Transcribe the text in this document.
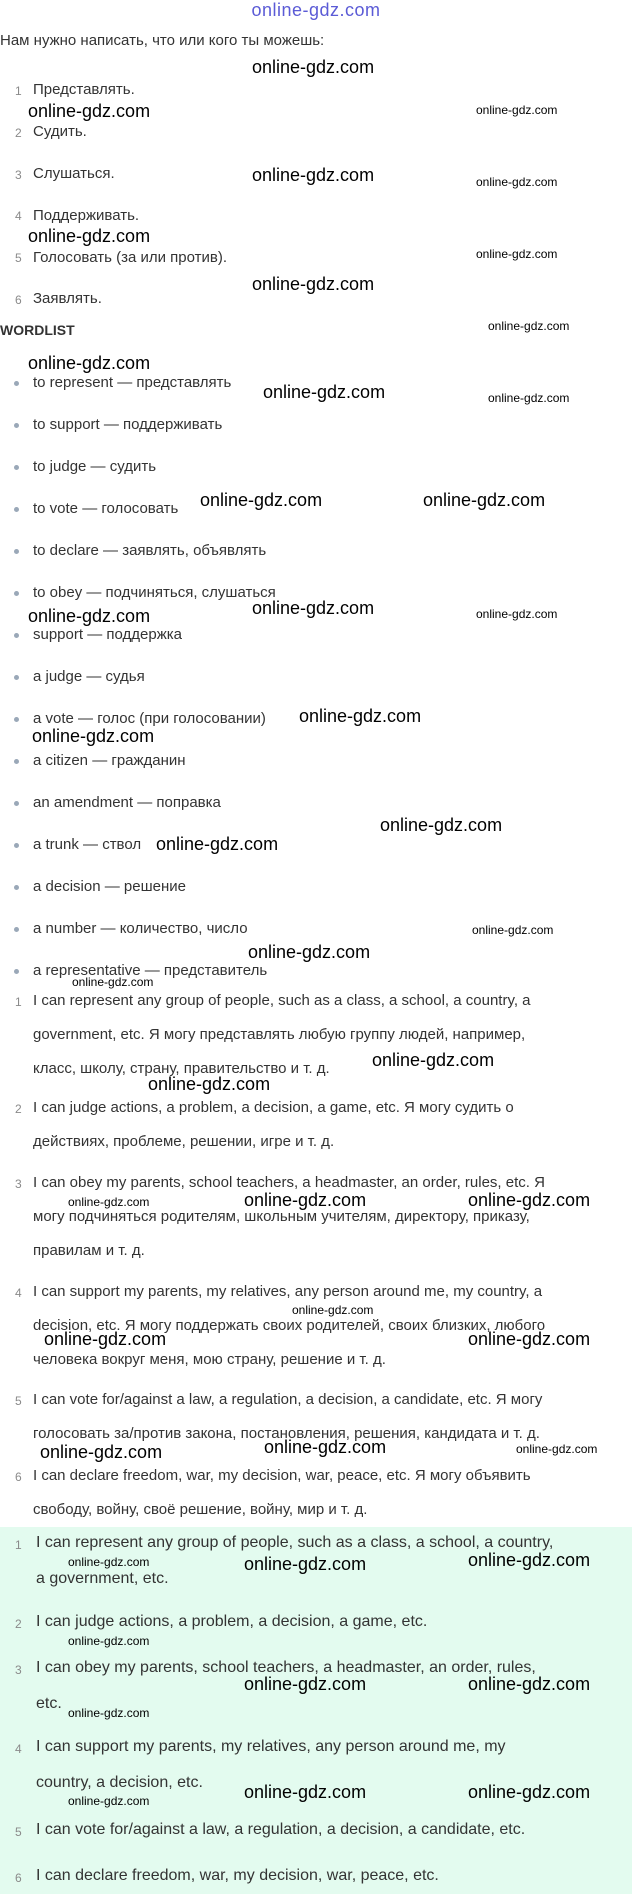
online-gdz.com
Нам нужно написать, что или кого ты можешь:
1 Представлять.
2 Судить.
3 Слушаться.
4 Поддерживать.
5 Голосовать (за или против).
6 Заявлять.
WORDLIST
to represent — представлять
to support — поддерживать
to judge — судить
to vote — голосовать
to declare — заявлять, объявлять
to obey — подчиняться, слушаться
support — поддержка
a judge — судья
a vote — голос (при голосовании)
a citizen — гражданин
an amendment — поправка
a trunk — ствол
a decision — решение
a number — количество, число
a representative — представитель
1 I can represent any group of people, such as a class, a school, a country, a
government, etc. Я могу представлять любую группу людей, например,
класс, школу, страну, правительство и т. д.
2 I can judge actions, a problem, a decision, a game, etc. Я могу судить о
действиях, проблеме, решении, игре и т. д.
3 I can obey my parents, school teachers, a headmaster, an order, rules, etc. Я
могу подчиняться родителям, школьным учителям, директору, приказу,
правилам и т. д.
4 I can support my parents, my relatives, any person around me, my country, a
decision, etc. Я могу поддержать своих родителей, своих близких, любого
человека вокруг меня, мою страну, решение и т. д.
5 I can vote for/against a law, a regulation, a decision, a candidate, etc. Я могу
голосовать за/против закона, постановления, решения, кандидата и т. д.
6 I can declare freedom, war, my decision, war, peace, etc. Я могу объявить
свободу, войну, своё решение, войну, мир и т. д.
1 I can represent any group of people, such as a class, a school, a country,
a government, etc.
2 I can judge actions, a problem, a decision, a game, etc.
3 I can obey my parents, school teachers, a headmaster, an order, rules,
etc.
4 I can support my parents, my relatives, any person around me, my
country, a decision, etc.
5 I can vote for/against a law, a regulation, a decision, a candidate, etc.
6 I can declare freedom, war, my decision, war, peace, etc.
online-gdz.com
online-gdz.com	online-gdz.com
online-gdz.com	online-gdz.com
online-gdz.com
online-gdz.com
online-gdz.com
online-gdz.com
online-gdz.com
online-gdz.com	online-gdz.com
online-gdz.com	online-gdz.com
online-gdz.com
online-gdz.com	online-gdz.com
online-gdz.com
online-gdz.com
online-gdz.com
online-gdz.com
online-gdz.com
online-gdz.com
online-gdz.com
online-gdz.com
online-gdz.com
online-gdz.com	online-gdz.com	online-gdz.com
online-gdz.com
online-gdz.com	online-gdz.com
online-gdz.com	online-gdz.com	online-gdz.com
online-gdz.com	online-gdz.com	online-gdz.com
online-gdz.com
online-gdz.com	online-gdz.com
online-gdz.com
online-gdz.com	online-gdz.com
online-gdz.com
